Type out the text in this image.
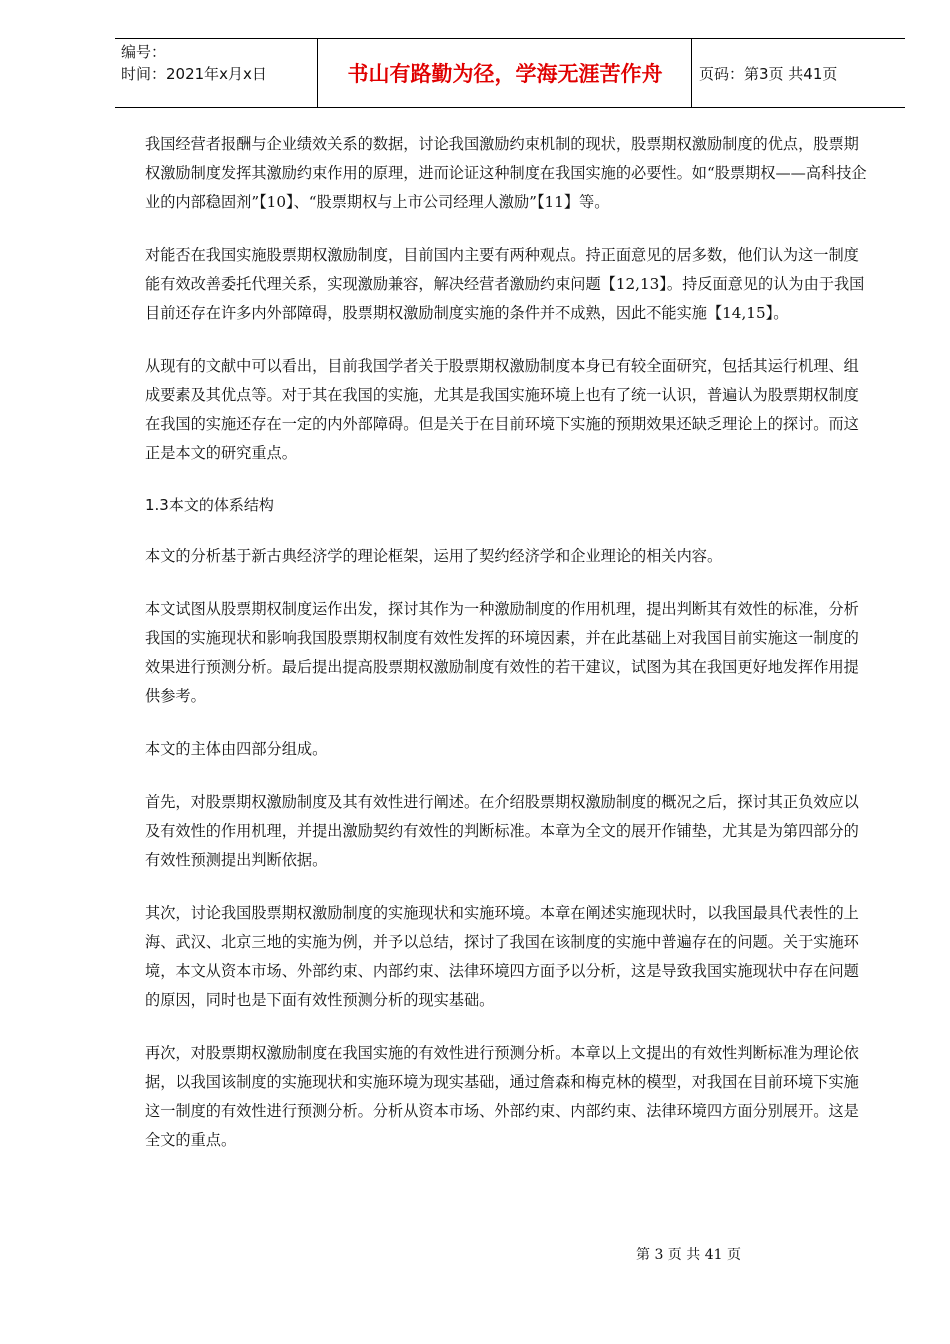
编号：
时间：2021年x月x日	书山有路勤为径，学海无涯苦作舟	页码：第3页 共41页

我国经营者报酬与企业绩效关系的数据，讨论我国激励约束机制的现状，股票期权激励制度的优点，股票期权激励制度发挥其激励约束作用的原理，进而论证这种制度在我国实施的必要性。如“股票期权——高科技企业的内部稳固剂”【10】、“股票期权与上市公司经理人激励”【11】等。

对能否在我国实施股票期权激励制度，目前国内主要有两种观点。持正面意见的居多数，他们认为这一制度能有效改善委托代理关系，实现激励兼容，解决经营者激励约束问题【12,13】。持反面意见的认为由于我国目前还存在许多内外部障碍，股票期权激励制度实施的条件并不成熟，因此不能实施【14,15】。

从现有的文献中可以看出，目前我国学者关于股票期权激励制度本身已有较全面研究，包括其运行机理、组成要素及其优点等。对于其在我国的实施，尤其是我国实施环境上也有了统一认识，普遍认为股票期权制度在我国的实施还存在一定的内外部障碍。但是关于在目前环境下实施的预期效果还缺乏理论上的探讨。而这正是本文的研究重点。

1.3本文的体系结构

本文的分析基于新古典经济学的理论框架，运用了契约经济学和企业理论的相关内容。

本文试图从股票期权制度运作出发，探讨其作为一种激励制度的作用机理，提出判断其有效性的标准，分析我国的实施现状和影响我国股票期权制度有效性发挥的环境因素，并在此基础上对我国目前实施这一制度的效果进行预测分析。最后提出提高股票期权激励制度有效性的若干建议，试图为其在我国更好地发挥作用提供参考。

本文的主体由四部分组成。

首先，对股票期权激励制度及其有效性进行阐述。在介绍股票期权激励制度的概况之后，探讨其正负效应以及有效性的作用机理，并提出激励契约有效性的判断标准。本章为全文的展开作铺垫，尤其是为第四部分的有效性预测提出判断依据。

其次，讨论我国股票期权激励制度的实施现状和实施环境。本章在阐述实施现状时，以我国最具代表性的上海、武汉、北京三地的实施为例，并予以总结，探讨了我国在该制度的实施中普遍存在的问题。关于实施环境，本文从资本市场、外部约束、内部约束、法律环境四方面予以分析，这是导致我国实施现状中存在问题的原因，同时也是下面有效性预测分析的现实基础。

再次，对股票期权激励制度在我国实施的有效性进行预测分析。本章以上文提出的有效性判断标准为理论依据，以我国该制度的实施现状和实施环境为现实基础，通过詹森和梅克林的模型，对我国在目前环境下实施这一制度的有效性进行预测分析。分析从资本市场、外部约束、内部约束、法律环境四方面分别展开。这是全文的重点。

第 3 页 共 41 页
